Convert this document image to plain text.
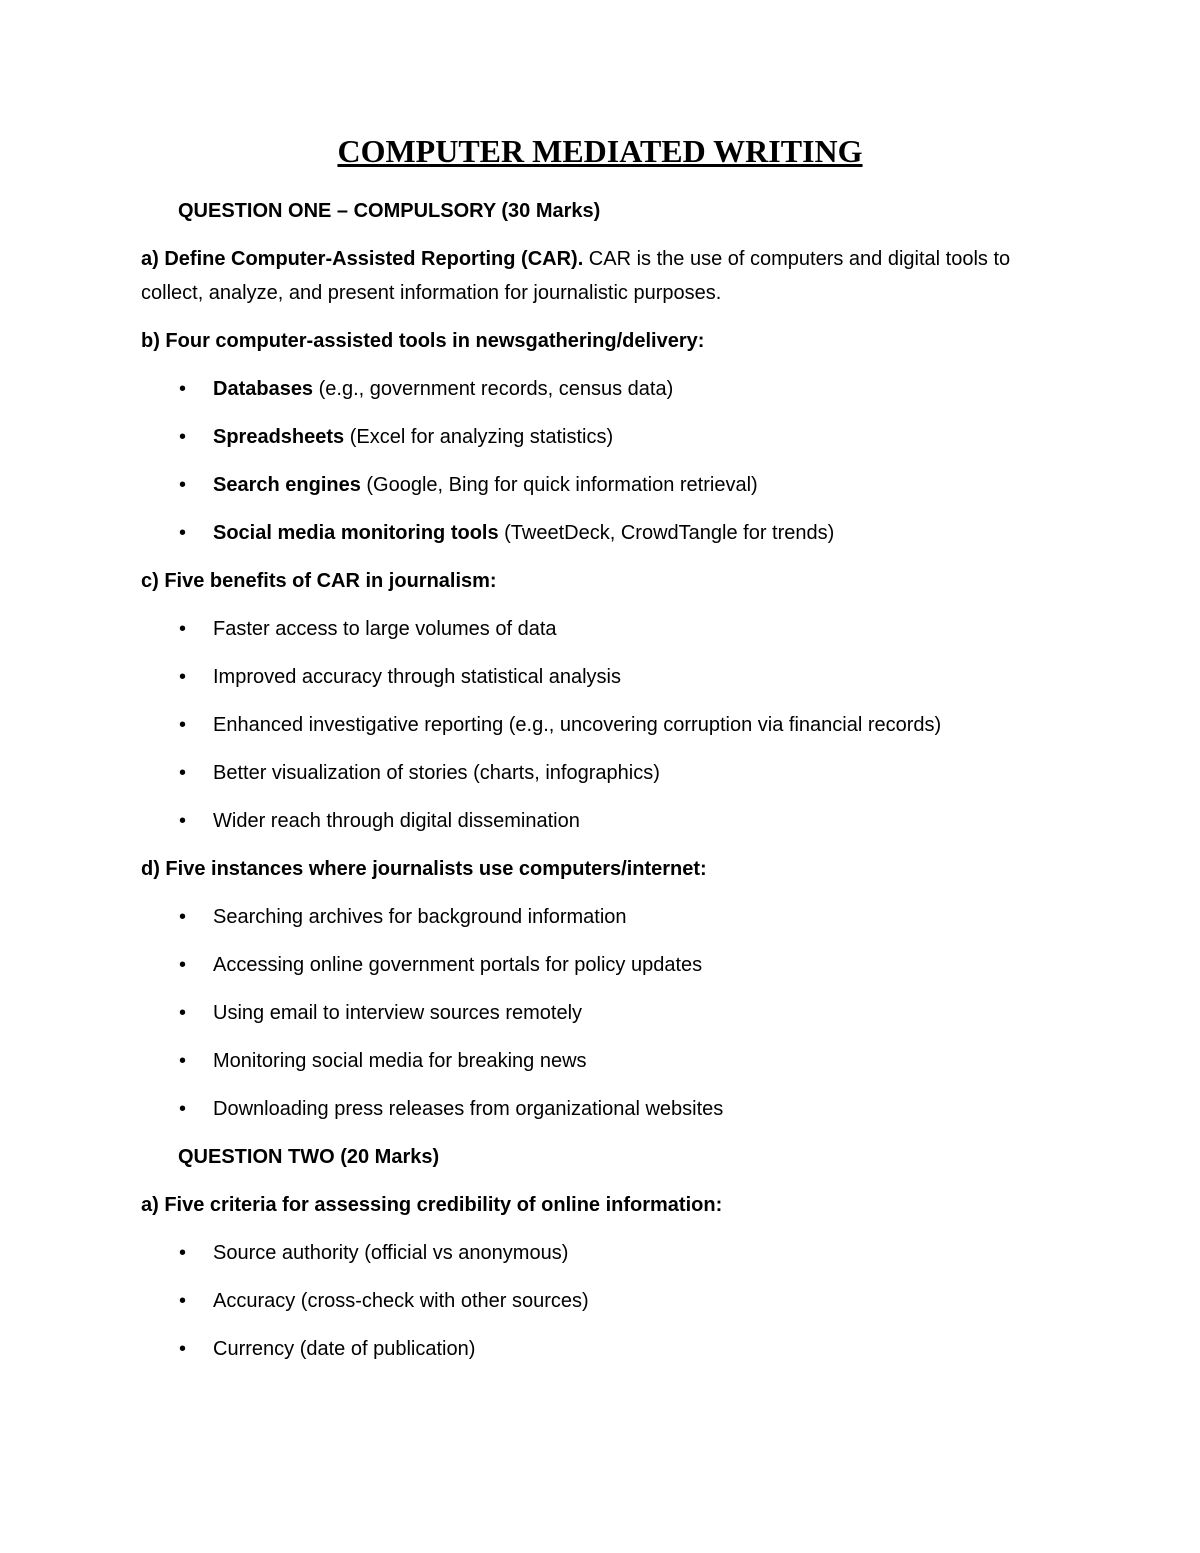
COMPUTER MEDIATED WRITING

QUESTION ONE – COMPULSORY (30 Marks)

a) Define Computer-Assisted Reporting (CAR). CAR is the use of computers and digital tools to collect, analyze, and present information for journalistic purposes.

b) Four computer-assisted tools in newsgathering/delivery:

• Databases (e.g., government records, census data)
• Spreadsheets (Excel for analyzing statistics)
• Search engines (Google, Bing for quick information retrieval)
• Social media monitoring tools (TweetDeck, CrowdTangle for trends)

c) Five benefits of CAR in journalism:

• Faster access to large volumes of data
• Improved accuracy through statistical analysis
• Enhanced investigative reporting (e.g., uncovering corruption via financial records)
• Better visualization of stories (charts, infographics)
• Wider reach through digital dissemination

d) Five instances where journalists use computers/internet:

• Searching archives for background information
• Accessing online government portals for policy updates
• Using email to interview sources remotely
• Monitoring social media for breaking news
• Downloading press releases from organizational websites

QUESTION TWO (20 Marks)

a) Five criteria for assessing credibility of online information:

• Source authority (official vs anonymous)
• Accuracy (cross-check with other sources)
• Currency (date of publication)
